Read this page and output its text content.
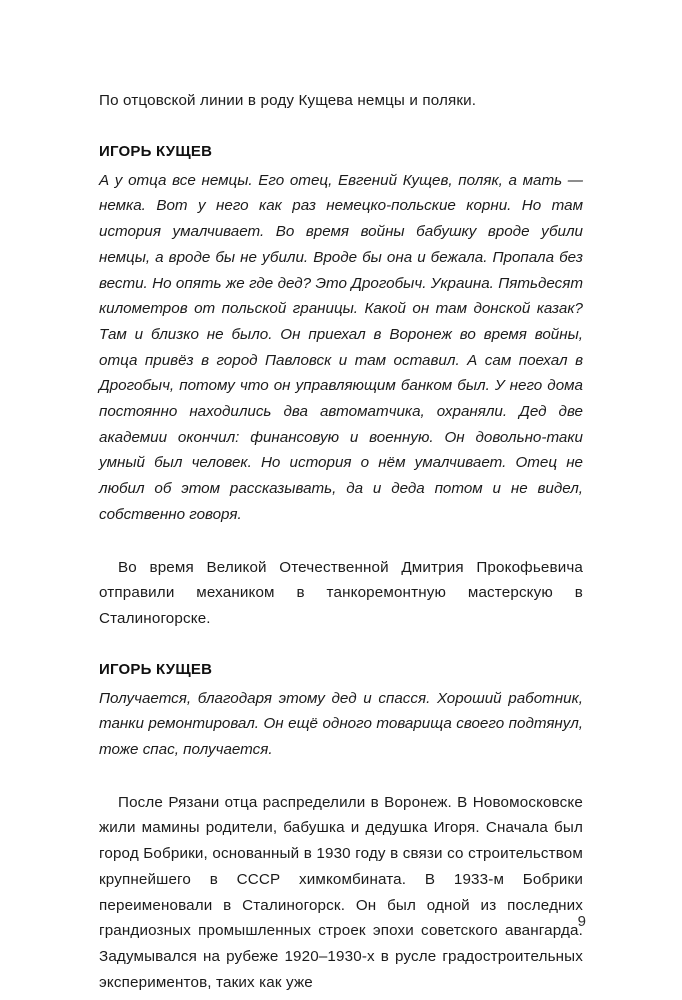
По отцовской линии в роду Кущева немцы и поляки.

ИГОРЬ КУЩЕВ

А у отца все немцы. Его отец, Евгений Кущев, поляк, а мать — немка. Вот у него как раз немецко-польские корни. Но там история умалчивает. Во время войны бабушку вроде убили немцы, а вроде бы не убили. Вроде бы она и бежала. Пропала без вести. Но опять же где дед? Это Дрогобыч. Украина. Пятьдесят километров от польской границы. Какой он там донской казак? Там и близко не было. Он приехал в Воронеж во время войны, отца привёз в город Павловск и там оставил. А сам поехал в Дрогобыч, потому что он управляющим банком был. У него дома постоянно находились два автоматчика, охраняли. Дед две академии окончил: финансовую и военную. Он довольно-таки умный был человек. Но история о нём умалчивает. Отец не любил об этом рассказывать, да и деда потом и не видел, собственно говоря.

Во время Великой Отечественной Дмитрия Прокофьевича отправили механиком в танкоремонтную мастерскую в Сталиногорске.

ИГОРЬ КУЩЕВ

Получается, благодаря этому дед и спасся. Хороший работник, танки ремонтировал. Он ещё одного товарища своего подтянул, тоже спас, получается.

После Рязани отца распределили в Воронеж. В Новомосковске жили мамины родители, бабушка и дедушка Игоря. Сначала был город Бобрики, основанный в 1930 году в связи со строительством крупнейшего в СССР химкомбината. В 1933-м Бобрики переименовали в Сталиногорск. Он был одной из последних грандиозных промышленных строек эпохи советского авангарда. Задумывался на рубеже 1920–1930-х в русле градостроительных экспериментов, таких как уже

9
